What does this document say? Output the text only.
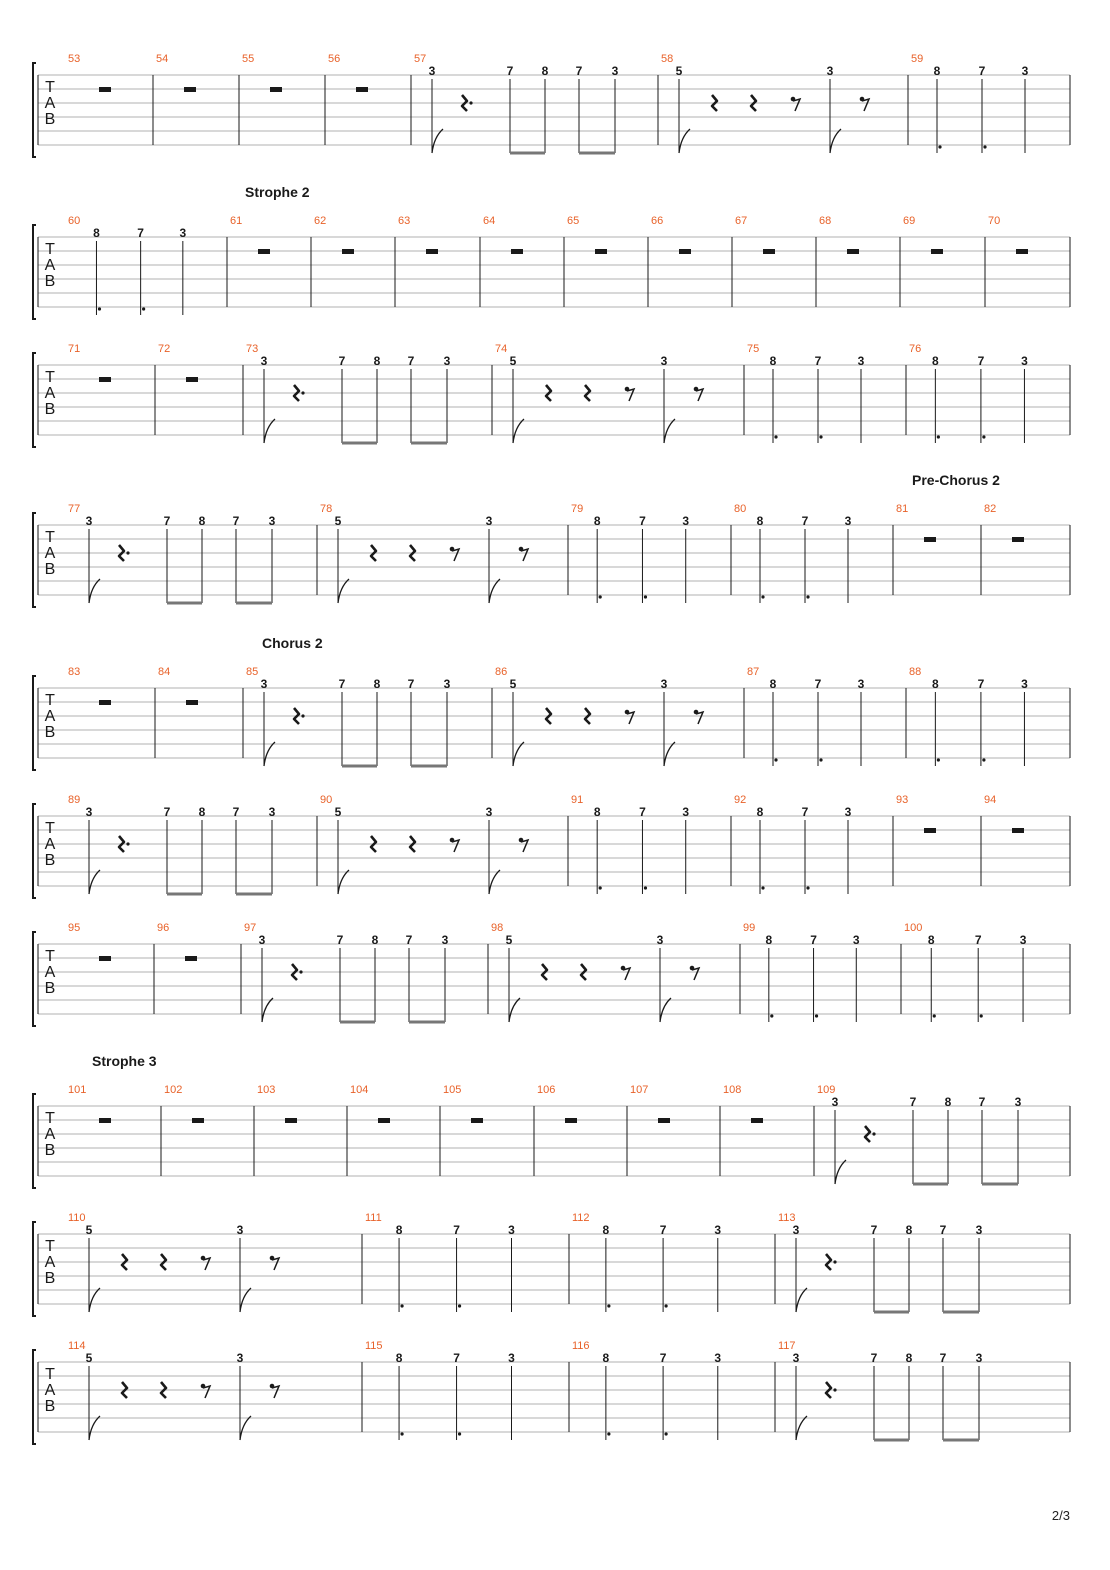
T
A
B
53	54	55	56	57
3	7 8 7 3
58
5	3
59
8	7	3
Strophe 2
T
A
B
60
8	7	3
61	62	63	64	65	66	67	68	69	70
T
A
B
71	72	73
3	7 8 7 3
74
5	3
75
8	7	3
76
8	7	3
Pre-Chorus 2
T
A
B
77
3	7 8 7 3
78
5	3
79
8	7	3
80
8	7	3
81	82
Chorus 2
T
A
B
83	84	85
3	7 8 7 3
86
5	3
87
8	7	3
88
8	7	3
T
A
B
89
3	7 8 7 3
90
5	3
91
8	7	3
92
8	7	3
93	94
T
A
B
95	96	97
3	7 8 7 3
98
5	3
99
8	7	3
100
8	7	3
Strophe 3
T
A
B
101	102	103	104	105	106	107	108	109
3	7 8 7 3
T
A
B
110
5	3
111
8	7	3
112
8	7	3
113
3	7 8 7 3
T
A
B
114
5	3
115
8	7	3
116
8	7	3
117
3	7 8 7 3
2/3
